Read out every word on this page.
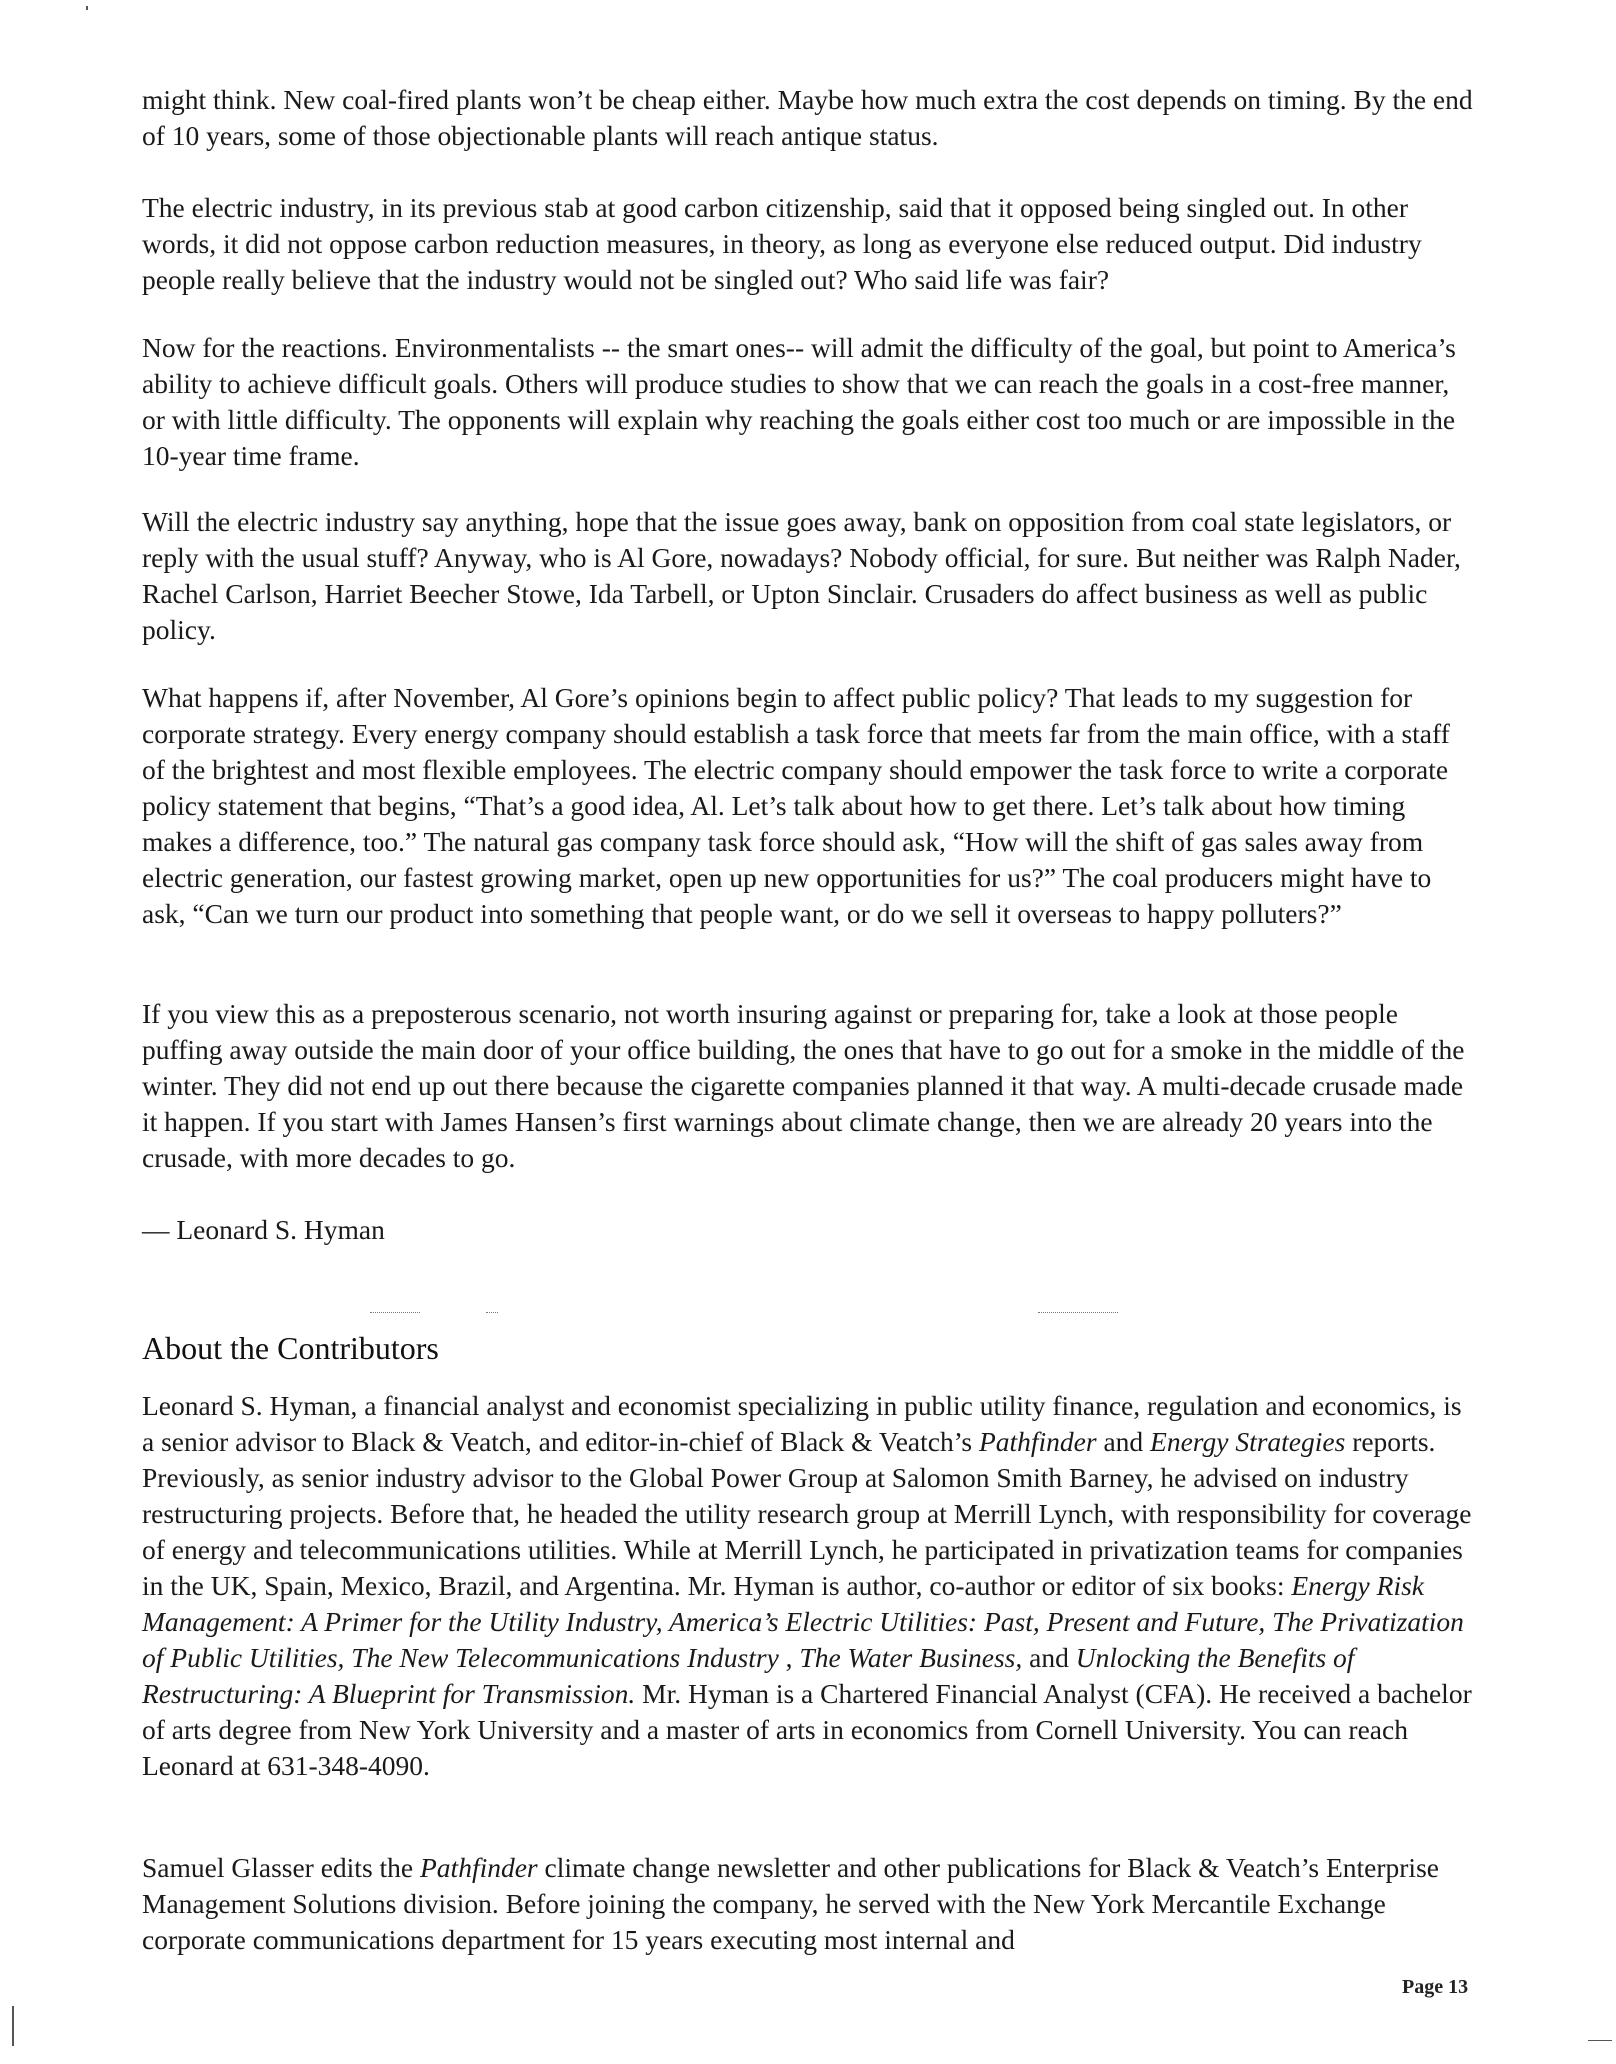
might think. New coal-fired plants won’t be cheap either. Maybe how much extra the cost depends on timing. By the end of 10 years, some of those objectionable plants will reach antique status.

The electric industry, in its previous stab at good carbon citizenship, said that it opposed being singled out. In other words, it did not oppose carbon reduction measures, in theory, as long as everyone else reduced output. Did industry people really believe that the industry would not be singled out? Who said life was fair?

Now for the reactions. Environmentalists -- the smart ones-- will admit the difficulty of the goal, but point to America’s ability to achieve difficult goals. Others will produce studies to show that we can reach the goals in a cost-free manner, or with little difficulty. The opponents will explain why reaching the goals either cost too much or are impossible in the 10-year time frame.

Will the electric industry say anything, hope that the issue goes away, bank on opposition from coal state legislators, or reply with the usual stuff? Anyway, who is Al Gore, nowadays? Nobody official, for sure. But neither was Ralph Nader, Rachel Carlson, Harriet Beecher Stowe, Ida Tarbell, or Upton Sinclair. Crusaders do affect business as well as public policy.

What happens if, after November, Al Gore’s opinions begin to affect public policy? That leads to my suggestion for corporate strategy. Every energy company should establish a task force that meets far from the main office, with a staff of the brightest and most flexible employees. The electric company should empower the task force to write a corporate policy statement that begins, “That’s a good idea, Al. Let’s talk about how to get there. Let’s talk about how timing makes a difference, too.” The natural gas company task force should ask, “How will the shift of gas sales away from electric generation, our fastest growing market, open up new opportunities for us?” The coal producers might have to ask, “Can we turn our product into something that people want, or do we sell it overseas to happy polluters?”

If you view this as a preposterous scenario, not worth insuring against or preparing for, take a look at those people puffing away outside the main door of your office building, the ones that have to go out for a smoke in the middle of the winter. They did not end up out there because the cigarette companies planned it that way. A multi-decade crusade made it happen. If you start with James Hansen’s first warnings about climate change, then we are already 20 years into the crusade, with more decades to go.

— Leonard S. Hyman

About the Contributors

Leonard S. Hyman, a financial analyst and economist specializing in public utility finance, regulation and economics, is a senior advisor to Black & Veatch, and editor-in-chief of Black & Veatch’s Pathfinder and Energy Strategies reports. Previously, as senior industry advisor to the Global Power Group at Salomon Smith Barney, he advised on industry restructuring projects. Before that, he headed the utility research group at Merrill Lynch, with responsibility for coverage of energy and telecommunications utilities. While at Merrill Lynch, he participated in privatization teams for companies in the UK, Spain, Mexico, Brazil, and Argentina. Mr. Hyman is author, co-author or editor of six books: Energy Risk Management: A Primer for the Utility Industry, America’s Electric Utilities: Past, Present and Future, The Privatization of Public Utilities, The New Telecommunications Industry , The Water Business, and Unlocking the Benefits of Restructuring: A Blueprint for Transmission. Mr. Hyman is a Chartered Financial Analyst (CFA). He received a bachelor of arts degree from New York University and a master of arts in economics from Cornell University. You can reach Leonard at 631-348-4090.

Samuel Glasser edits the Pathfinder climate change newsletter and other publications for Black & Veatch’s Enterprise Management Solutions division. Before joining the company, he served with the New York Mercantile Exchange corporate communications department for 15 years executing most internal and

Page 13
